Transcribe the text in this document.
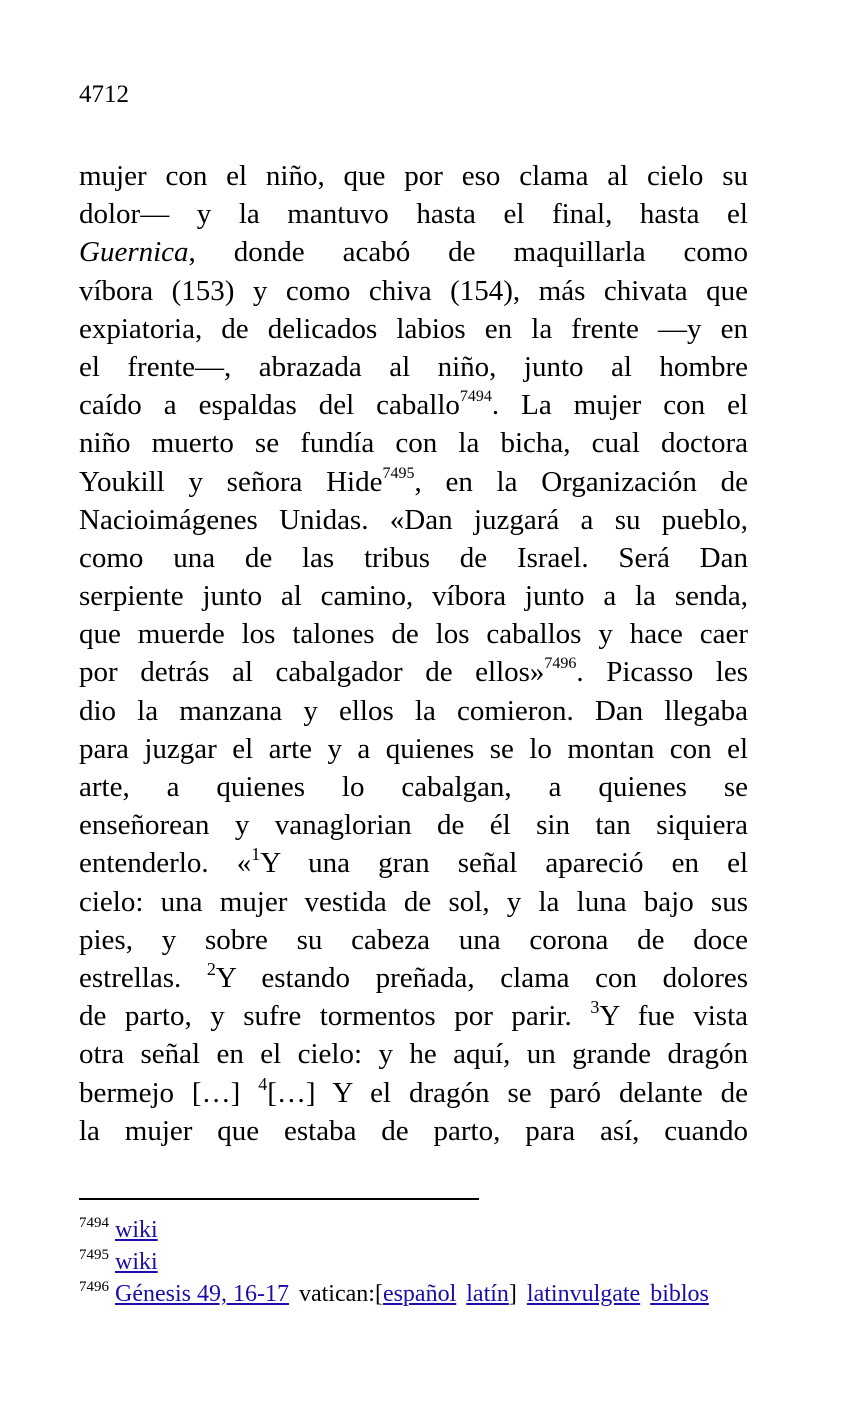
4712
mujer con el niño, que por eso clama al cielo su
dolor― y la mantuvo hasta el final, hasta el
Guernica, donde acabó de maquillarla como
víbora (153) y como chiva (154), más chivata que
expiatoria, de delicados labios en la frente ―y en
el frente―, abrazada al niño, junto al hombre
caído a espaldas del caballo$^{7494}$. La mujer con el
niño muerto se fundía con la bicha, cual doctora
Youkill y señora Hide$^{7495}$, en la Organización de
Nacioimágenes Unidas. «Dan juzgará a su pueblo,
como una de las tribus de Israel. Será Dan
serpiente junto al camino, víbora junto a la senda,
que muerde los talones de los caballos y hace caer
por detrás al cabalgador de ellos»$^{7496}$. Picasso les
dio la manzana y ellos la comieron. Dan llegaba
para juzgar el arte y a quienes se lo montan con el
arte, a quienes lo cabalgan, a quienes se
enseñorean y vanaglorian de él sin tan siquiera
entenderlo. «$^1$Y una gran señal apareció en el
cielo: una mujer vestida de sol, y la luna bajo sus
pies, y sobre su cabeza una corona de doce
estrellas. $^2$Y estando preñada, clama con dolores
de parto, y sufre tormentos por parir. $^3$Y fue vista
otra señal en el cielo: y he aquí, un grande dragón
bermejo […] $^4$[…] Y el dragón se paró delante de
la mujer que estaba de parto, para así, cuando
$^{7494}$ wiki
$^{7495}$ wiki
$^{7496}$ Génesis 49, 16-17 vatican:[español latín] latinvulgate biblos
